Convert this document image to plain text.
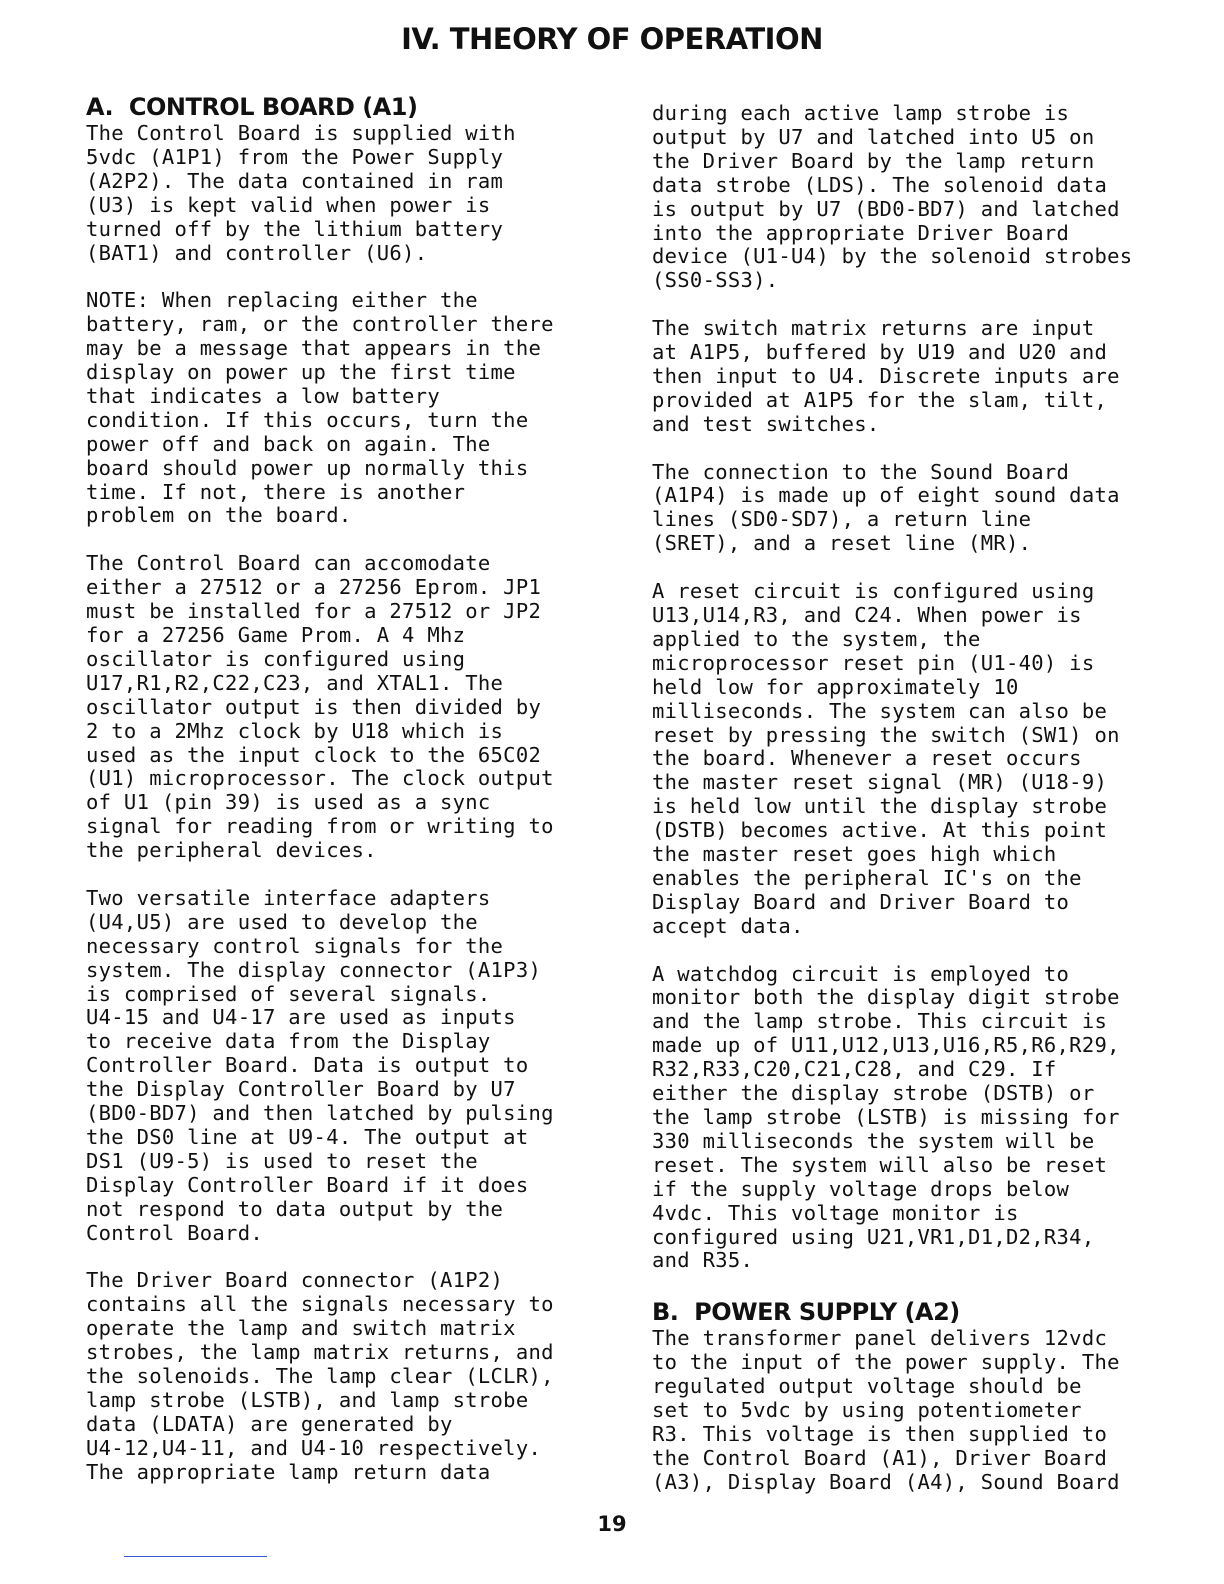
IV. THEORY OF OPERATION
A.  CONTROL BOARD (A1)

The Control Board is supplied with
5vdc (A1P1) from the Power Supply
(A2P2). The data contained in ram
(U3) is kept valid when power is
turned off by the lithium battery
(BAT1) and controller (U6).

NOTE: When replacing either the
battery, ram, or the controller there
may be a message that appears in the
display on power up the first time
that indicates a low battery
condition. If this occurs, turn the
power off and back on again. The
board should power up normally this
time. If not, there is another
problem on the board.

The Control Board can accomodate
either a 27512 or a 27256 Eprom. JP1
must be installed for a 27512 or JP2
for a 27256 Game Prom. A 4 Mhz
oscillator is configured using
U17,R1,R2,C22,C23, and XTAL1. The
oscillator output is then divided by
2 to a 2Mhz clock by U18 which is
used as the input clock to the 65C02
(U1) microprocessor. The clock output
of U1 (pin 39) is used as a sync
signal for reading from or writing to
the peripheral devices.

Two versatile interface adapters
(U4,U5) are used to develop the
necessary control signals for the
system. The display connector (A1P3)
is comprised of several signals.
U4-15 and U4-17 are used as inputs
to receive data from the Display
Controller Board. Data is output to
the Display Controller Board by U7
(BD0-BD7) and then latched by pulsing
the DS0 line at U9-4. The output at
DS1 (U9-5) is used to reset the
Display Controller Board if it does
not respond to data output by the
Control Board.

The Driver Board connector (A1P2)
contains all the signals necessary to
operate the lamp and switch matrix
strobes, the lamp matrix returns, and
the solenoids. The lamp clear (LCLR),
lamp strobe (LSTB), and lamp strobe
data (LDATA) are generated by
U4-12,U4-11, and U4-10 respectively.
The appropriate lamp return data

during each active lamp strobe is
output by U7 and latched into U5 on
the Driver Board by the lamp return
data strobe (LDS). The solenoid data
is output by U7 (BD0-BD7) and latched
into the appropriate Driver Board
device (U1-U4) by the solenoid strobes
(SS0-SS3).

The switch matrix returns are input
at A1P5, buffered by U19 and U20 and
then input to U4. Discrete inputs are
provided at A1P5 for the slam, tilt,
and test switches.

The connection to the Sound Board
(A1P4) is made up of eight sound data
lines (SD0-SD7), a return line
(SRET), and a reset line (MR).

A reset circuit is configured using
U13,U14,R3, and C24. When power is
applied to the system, the
microprocessor reset pin (U1-40) is
held low for approximately 10
milliseconds. The system can also be
reset by pressing the switch (SW1) on
the board. Whenever a reset occurs
the master reset signal (MR) (U18-9)
is held low until the display strobe
(DSTB) becomes active. At this point
the master reset goes high which
enables the peripheral IC's on the
Display Board and Driver Board to
accept data.

A watchdog circuit is employed to
monitor both the display digit strobe
and the lamp strobe. This circuit is
made up of U11,U12,U13,U16,R5,R6,R29,
R32,R33,C20,C21,C28, and C29. If
either the display strobe (DSTB) or
the lamp strobe (LSTB) is missing for
330 milliseconds the system will be
reset. The system will also be reset
if the supply voltage drops below
4vdc. This voltage monitor is
configured using U21,VR1,D1,D2,R34,
and R35.

B.  POWER SUPPLY (A2)

The transformer panel delivers 12vdc
to the input of the power supply. The
regulated output voltage should be
set to 5vdc by using potentiometer
R3. This voltage is then supplied to
the Control Board (A1), Driver Board
(A3), Display Board (A4), Sound Board

19
